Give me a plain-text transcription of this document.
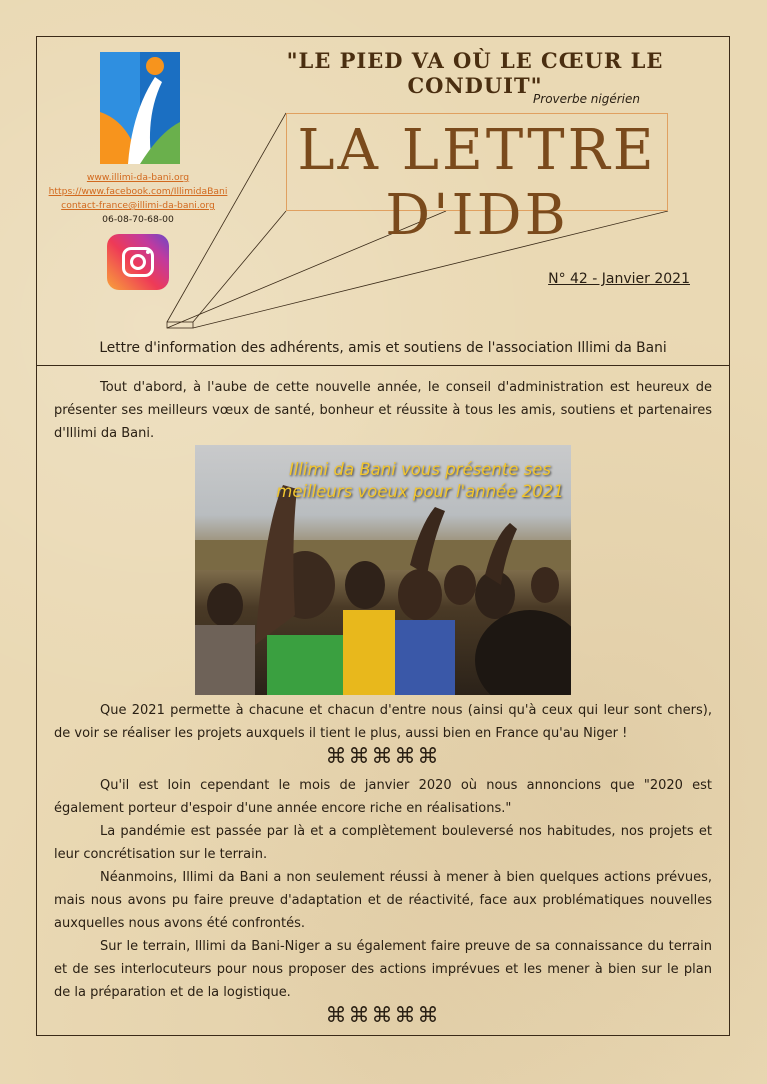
www.illimi-da-bani.org
https://www.facebook.com/IllimidaBani
contact-france@illimi-da-bani.org
06-08-70-68-00
"LE PIED VA OÙ LE CŒUR LE CONDUIT"
Proverbe nigérien
LA LETTRE D'IDB
N° 42 - Janvier 2021
Lettre d'information des adhérents, amis et soutiens de l'association Illimi da Bani

Tout d'abord, à l'aube de cette nouvelle année, le conseil d'administration est heureux de présenter ses meilleurs vœux de santé, bonheur et réussite à tous les amis, soutiens et partenaires d'Illimi da Bani.

Illimi da Bani vous présente ses meilleurs voeux pour l'année 2021

Que 2021 permette à chacune et chacun d'entre nous (ainsi qu'à ceux qui leur sont chers), de voir se réaliser les projets auxquels il tient le plus, aussi bien en France qu'au Niger !

⌘⌘⌘⌘⌘

Qu'il est loin cependant le mois de janvier 2020 où nous annoncions que "2020 est également porteur d'espoir d'une année encore riche en réalisations."

La pandémie est passée par là et a complètement bouleversé nos habitudes, nos projets et leur concrétisation sur le terrain.

Néanmoins, Illimi da Bani a non seulement réussi à mener à bien quelques actions prévues, mais nous avons pu faire preuve d'adaptation et de réactivité, face aux problématiques nouvelles auxquelles nous avons été confrontés.

Sur le terrain, Illimi da Bani-Niger a su également faire preuve de sa connaissance du terrain et de ses interlocuteurs pour nous proposer des actions imprévues et les mener à bien sur le plan de la préparation et de la logistique.

⌘⌘⌘⌘⌘
